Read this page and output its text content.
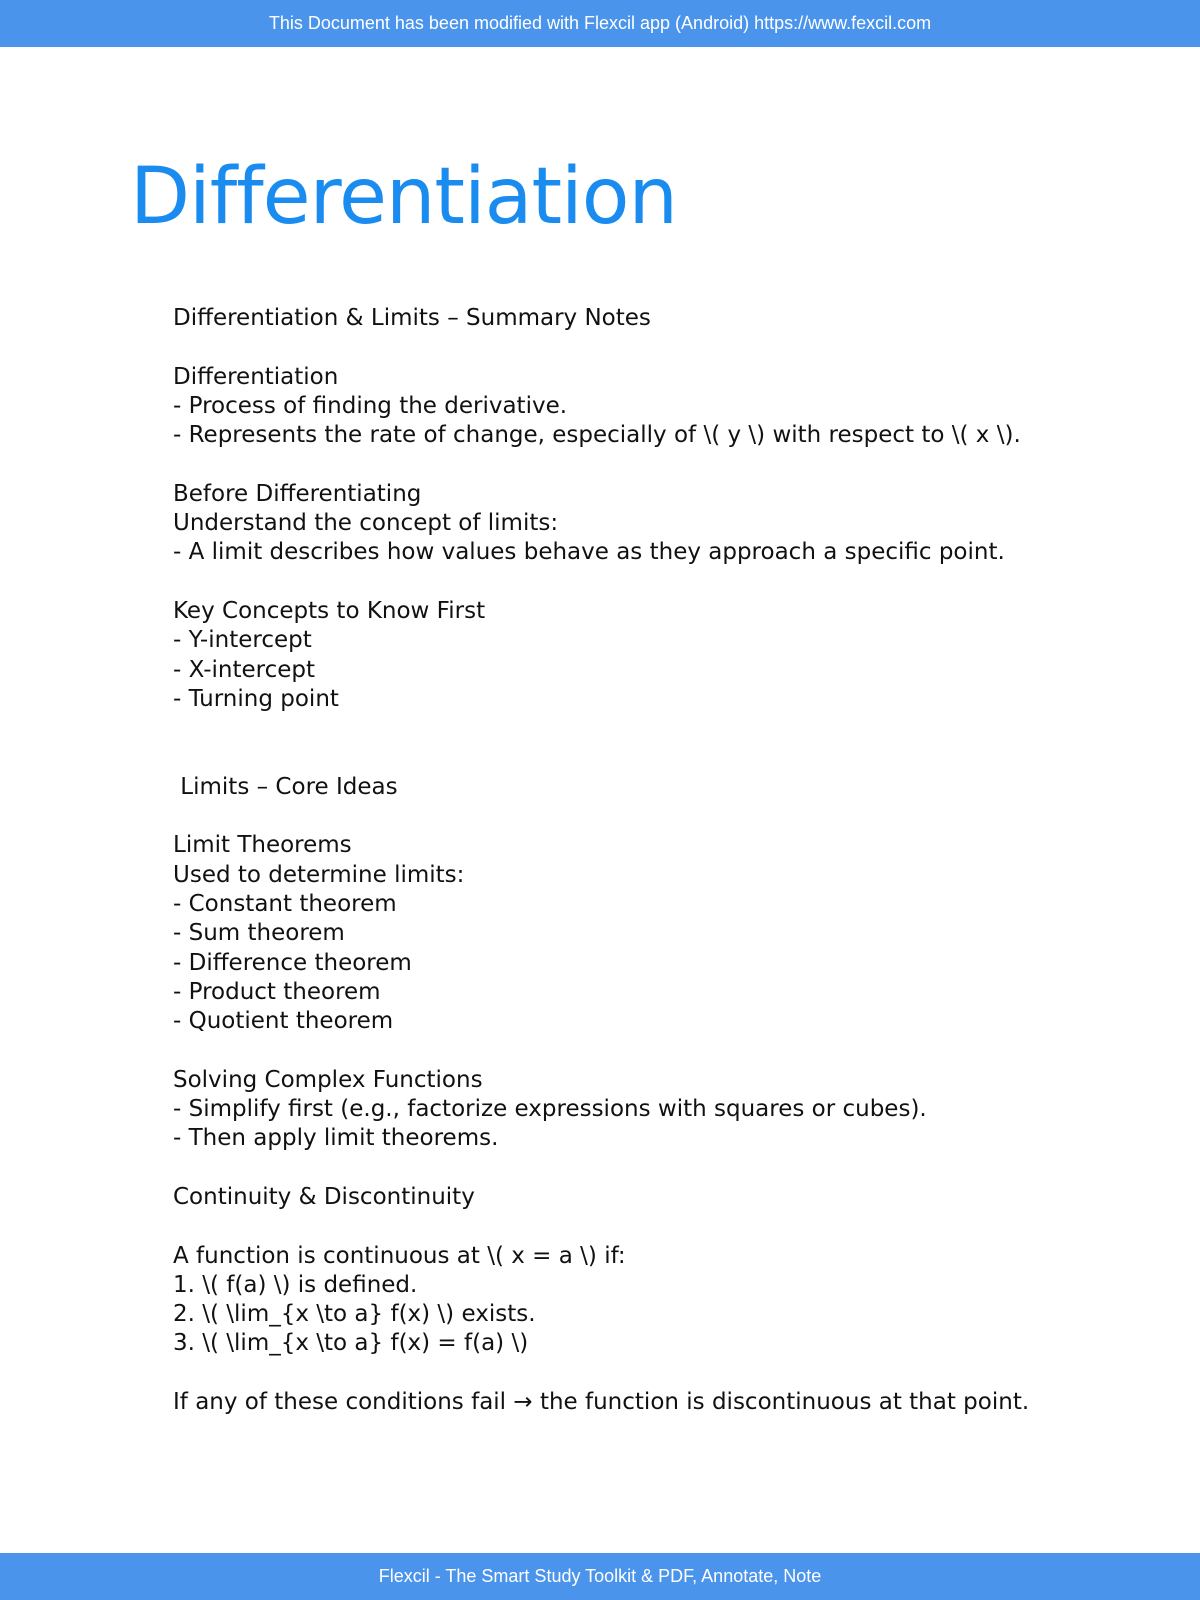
This Document has been modified with Flexcil app (Android) https://www.fexcil.com
Differentiation
Differentiation & Limits – Summary Notes
Differentiation
- Process of finding the derivative.
- Represents the rate of change, especially of \( y \) with respect to \( x \).
Before Differentiating
Understand the concept of limits:
- A limit describes how values behave as they approach a specific point.
Key Concepts to Know First
- Y-intercept
- X-intercept
- Turning point
Limits – Core Ideas
Limit Theorems
Used to determine limits:
- Constant theorem
- Sum theorem
- Difference theorem
- Product theorem
- Quotient theorem
Solving Complex Functions
- Simplify first (e.g., factorize expressions with squares or cubes).
- Then apply limit theorems.
Continuity & Discontinuity
A function is continuous at \( x = a \) if:
1. \( f(a) \) is defined.
2. \( \lim_{x \to a} f(x) \) exists.
3. \( \lim_{x \to a} f(x) = f(a) \)
If any of these conditions fail → the function is discontinuous at that point.
Flexcil - The Smart Study Toolkit & PDF, Annotate, Note
